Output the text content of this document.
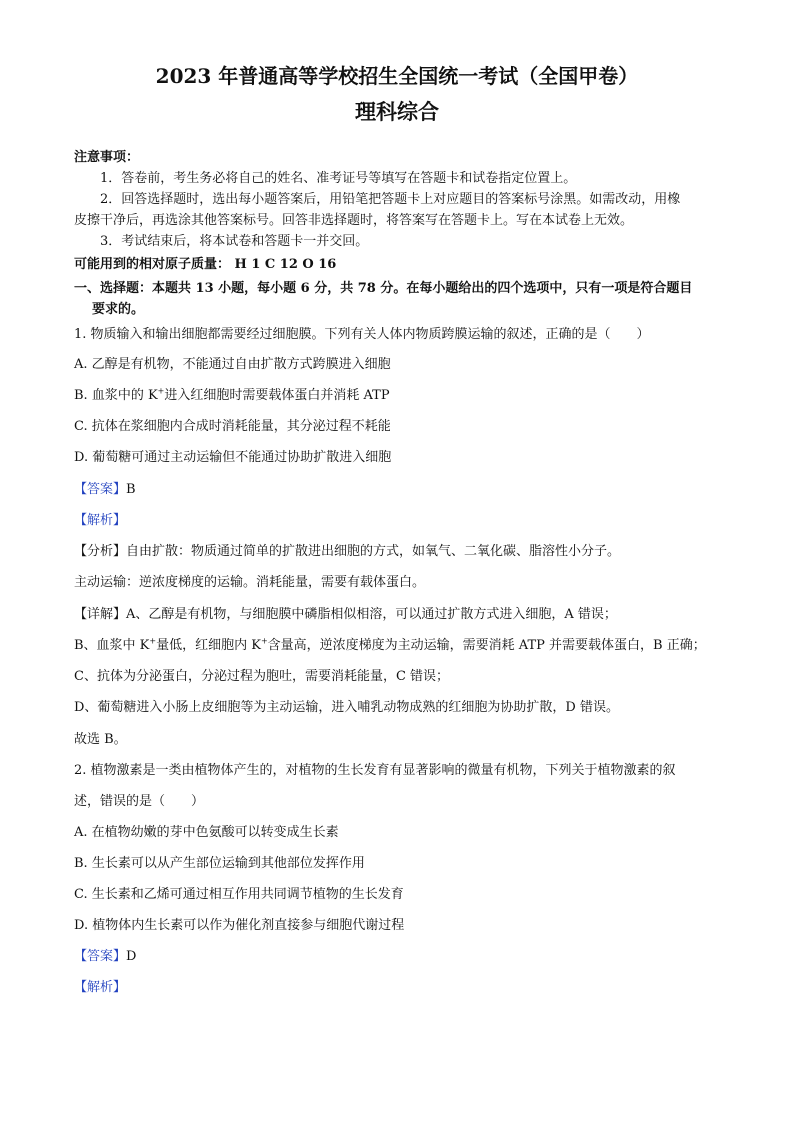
2023 年普通高等学校招生全国统一考试（全国甲卷）
理科综合
注意事项：
1．答卷前，考生务必将自己的姓名、准考证号等填写在答题卡和试卷指定位置上。
2．回答选择题时，选出每小题答案后，用铅笔把答题卡上对应题目的答案标号涂黑。如需改动，用橡
皮擦干净后，再选涂其他答案标号。回答非选择题时，将答案写在答题卡上。写在本试卷上无效。
3．考试结束后，将本试卷和答题卡一并交回。
可能用到的相对原子质量： H 1 C 12 O 16
一、选择题：本题共 13 小题，每小题 6 分，共 78 分。在每小题给出的四个选项中，只有一项是符合题目
要求的。
1. 物质输入和输出细胞都需要经过细胞膜。下列有关人体内物质跨膜运输的叙述，正确的是（　　）
A. 乙醇是有机物，不能通过自由扩散方式跨膜进入细胞
B. 血浆中的 K+进入红细胞时需要载体蛋白并消耗 ATP
C. 抗体在浆细胞内合成时消耗能量，其分泌过程不耗能
D. 葡萄糖可通过主动运输但不能通过协助扩散进入细胞
【答案】B
【解析】
【分析】自由扩散：物质通过简单的扩散进出细胞的方式，如氧气、二氧化碳、脂溶性小分子。
主动运输：逆浓度梯度的运输。消耗能量，需要有载体蛋白。
【详解】A、乙醇是有机物，与细胞膜中磷脂相似相溶，可以通过扩散方式进入细胞，A 错误；
B、血浆中 K+量低，红细胞内 K+含量高，逆浓度梯度为主动运输，需要消耗 ATP 并需要载体蛋白，B 正确；
C、抗体为分泌蛋白，分泌过程为胞吐，需要消耗能量，C 错误；
D、葡萄糖进入小肠上皮细胞等为主动运输，进入哺乳动物成熟的红细胞为协助扩散，D 错误。
故选 B。
2. 植物激素是一类由植物体产生的，对植物的生长发育有显著影响的微量有机物，下列关于植物激素的叙
述，错误的是（　　）
A. 在植物幼嫩的芽中色氨酸可以转变成生长素
B. 生长素可以从产生部位运输到其他部位发挥作用
C. 生长素和乙烯可通过相互作用共同调节植物的生长发育
D. 植物体内生长素可以作为催化剂直接参与细胞代谢过程
【答案】D
【解析】
